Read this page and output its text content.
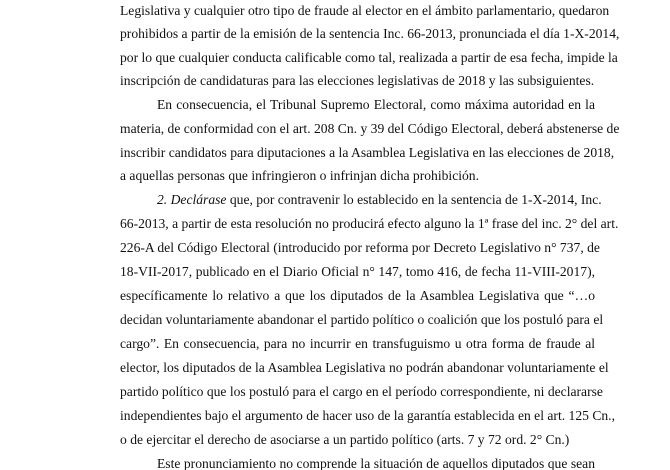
Legislativa y cualquier otro tipo de fraude al elector en el ámbito parlamentario, quedaron
prohibidos a partir de la emisión de la sentencia Inc. 66-2013, pronunciada el día 1-X-2014,
por lo que cualquier conducta calificable como tal, realizada a partir de esa fecha, impide la
inscripción de candidaturas para las elecciones legislativas de 2018 y las subsiguientes.
En consecuencia, el Tribunal Supremo Electoral, como máxima autoridad en la
materia, de conformidad con el art. 208 Cn. y 39 del Código Electoral, deberá abstenerse de
inscribir candidatos para diputaciones a la Asamblea Legislativa en las elecciones de 2018,
a aquellas personas que infringieron o infrinjan dicha prohibición.
2. Declárase que, por contravenir lo establecido en la sentencia de 1-X-2014, Inc.
66-2013, a partir de esta resolución no producirá efecto alguno la 1ª frase del inc. 2° del art.
226-A del Código Electoral (introducido por reforma por Decreto Legislativo n° 737, de
18-VII-2017, publicado en el Diario Oficial n° 147, tomo 416, de fecha 11-VIII-2017),
específicamente lo relativo a que los diputados de la Asamblea Legislativa que “…o
decidan voluntariamente abandonar el partido político o coalición que los postuló para el
cargo”. En consecuencia, para no incurrir en transfuguismo u otra forma de fraude al
elector, los diputados de la Asamblea Legislativa no podrán abandonar voluntariamente el
partido político que los postuló para el cargo en el período correspondiente, ni declararse
independientes bajo el argumento de hacer uso de la garantía establecida en el art. 125 Cn.,
o de ejercitar el derecho de asociarse a un partido político (arts. 7 y 72 ord. 2° Cn.)
Este pronunciamiento no comprende la situación de aquellos diputados que sean
